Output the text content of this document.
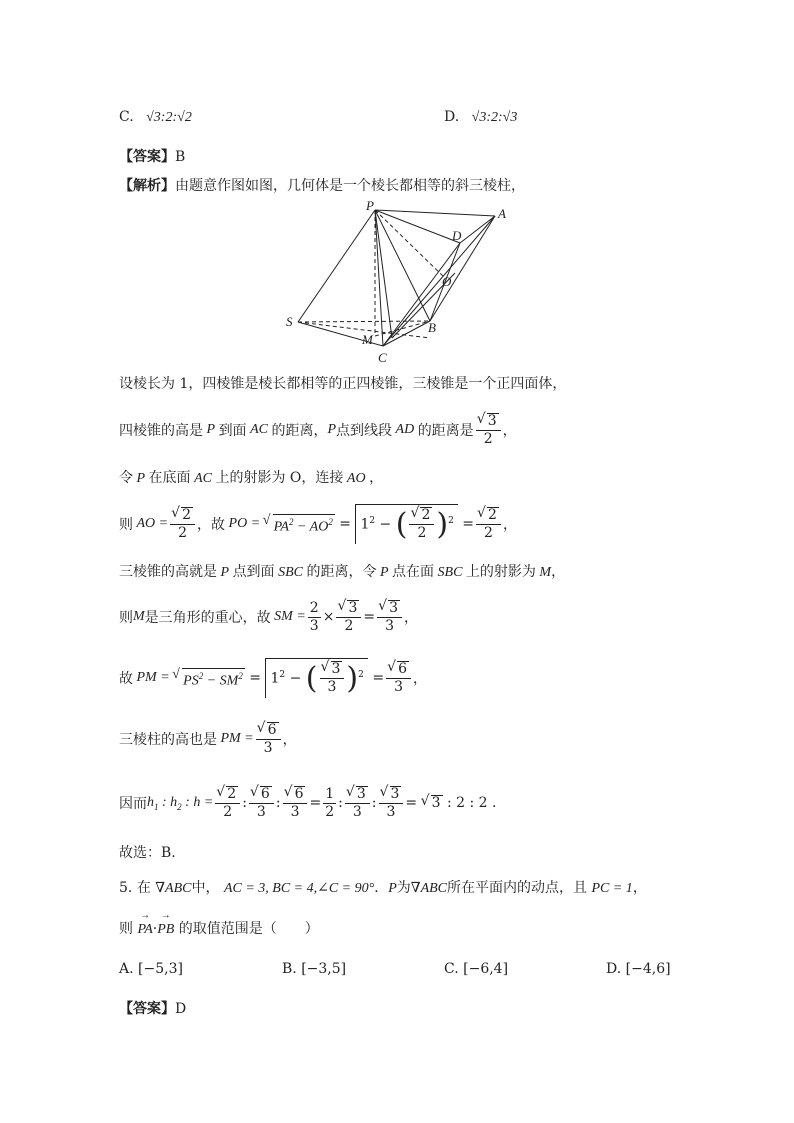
C. √3:2:√2	D. √3:2:√3
【答案】B
【解析】由题意作图如图，几何体是一个棱长都相等的斜三棱柱，
P
A
D
O
S	B
M
C
设棱长为 1，四棱锥是棱长都相等的正四棱锥，三棱锥是一个正四面体，
四棱锥的高是 P 到面 AC 的距离， P 点到线段 AD 的距离是 √ $\frac{3}{2}$ ，
令 P 在底面 AC 上的射影为 O，连接 AO ，
则 AO = √ $\frac{2}{2}$ ，故 PO = √ $PA^2 - AO^2 = 1^2$ − ( √ $\frac{2}{2} )^2$ = √ $\frac{2}{2}$ ，
三棱锥的高就是 P 点到面 SBC 的距离，令 P 点在面 SBC 上的射影为 M，
则 M 是三角形的重心，故 SM = $\frac{2}{3}$ × √ $\frac{3}{2}$ = √ $\frac{3}{3}$ ，
故 PM = √ $PS^2 - SM^2 = 1^2$ − ( √ $\frac{3}{3} )^2$ = √ $\frac{6}{3}$ ，
三棱柱的高也是 PM = √ $\frac{6}{3}$ ，
因而 $h_1$ : $h_2$ : h = √ $\frac{2}{2}$ : √ $\frac{6}{3}$ : √ $\frac{6}{3} = \frac{1}{2}$ : √ $\frac{3}{3}$ : √ $\frac{3}{3}$ = √ 3 : 2 : 2 .
故选：B.
5. 在 ∇ABC中， AC = 3, BC = 4,∠C = 90°．P为∇ABC所在平面内的动点，且 PC = 1，
则 → PA·→ PB 的取值范围是（　　）
A. [−5,3]	B. [−3,5]	C. [−6,4]	D. [−4,6]
【答案】D
